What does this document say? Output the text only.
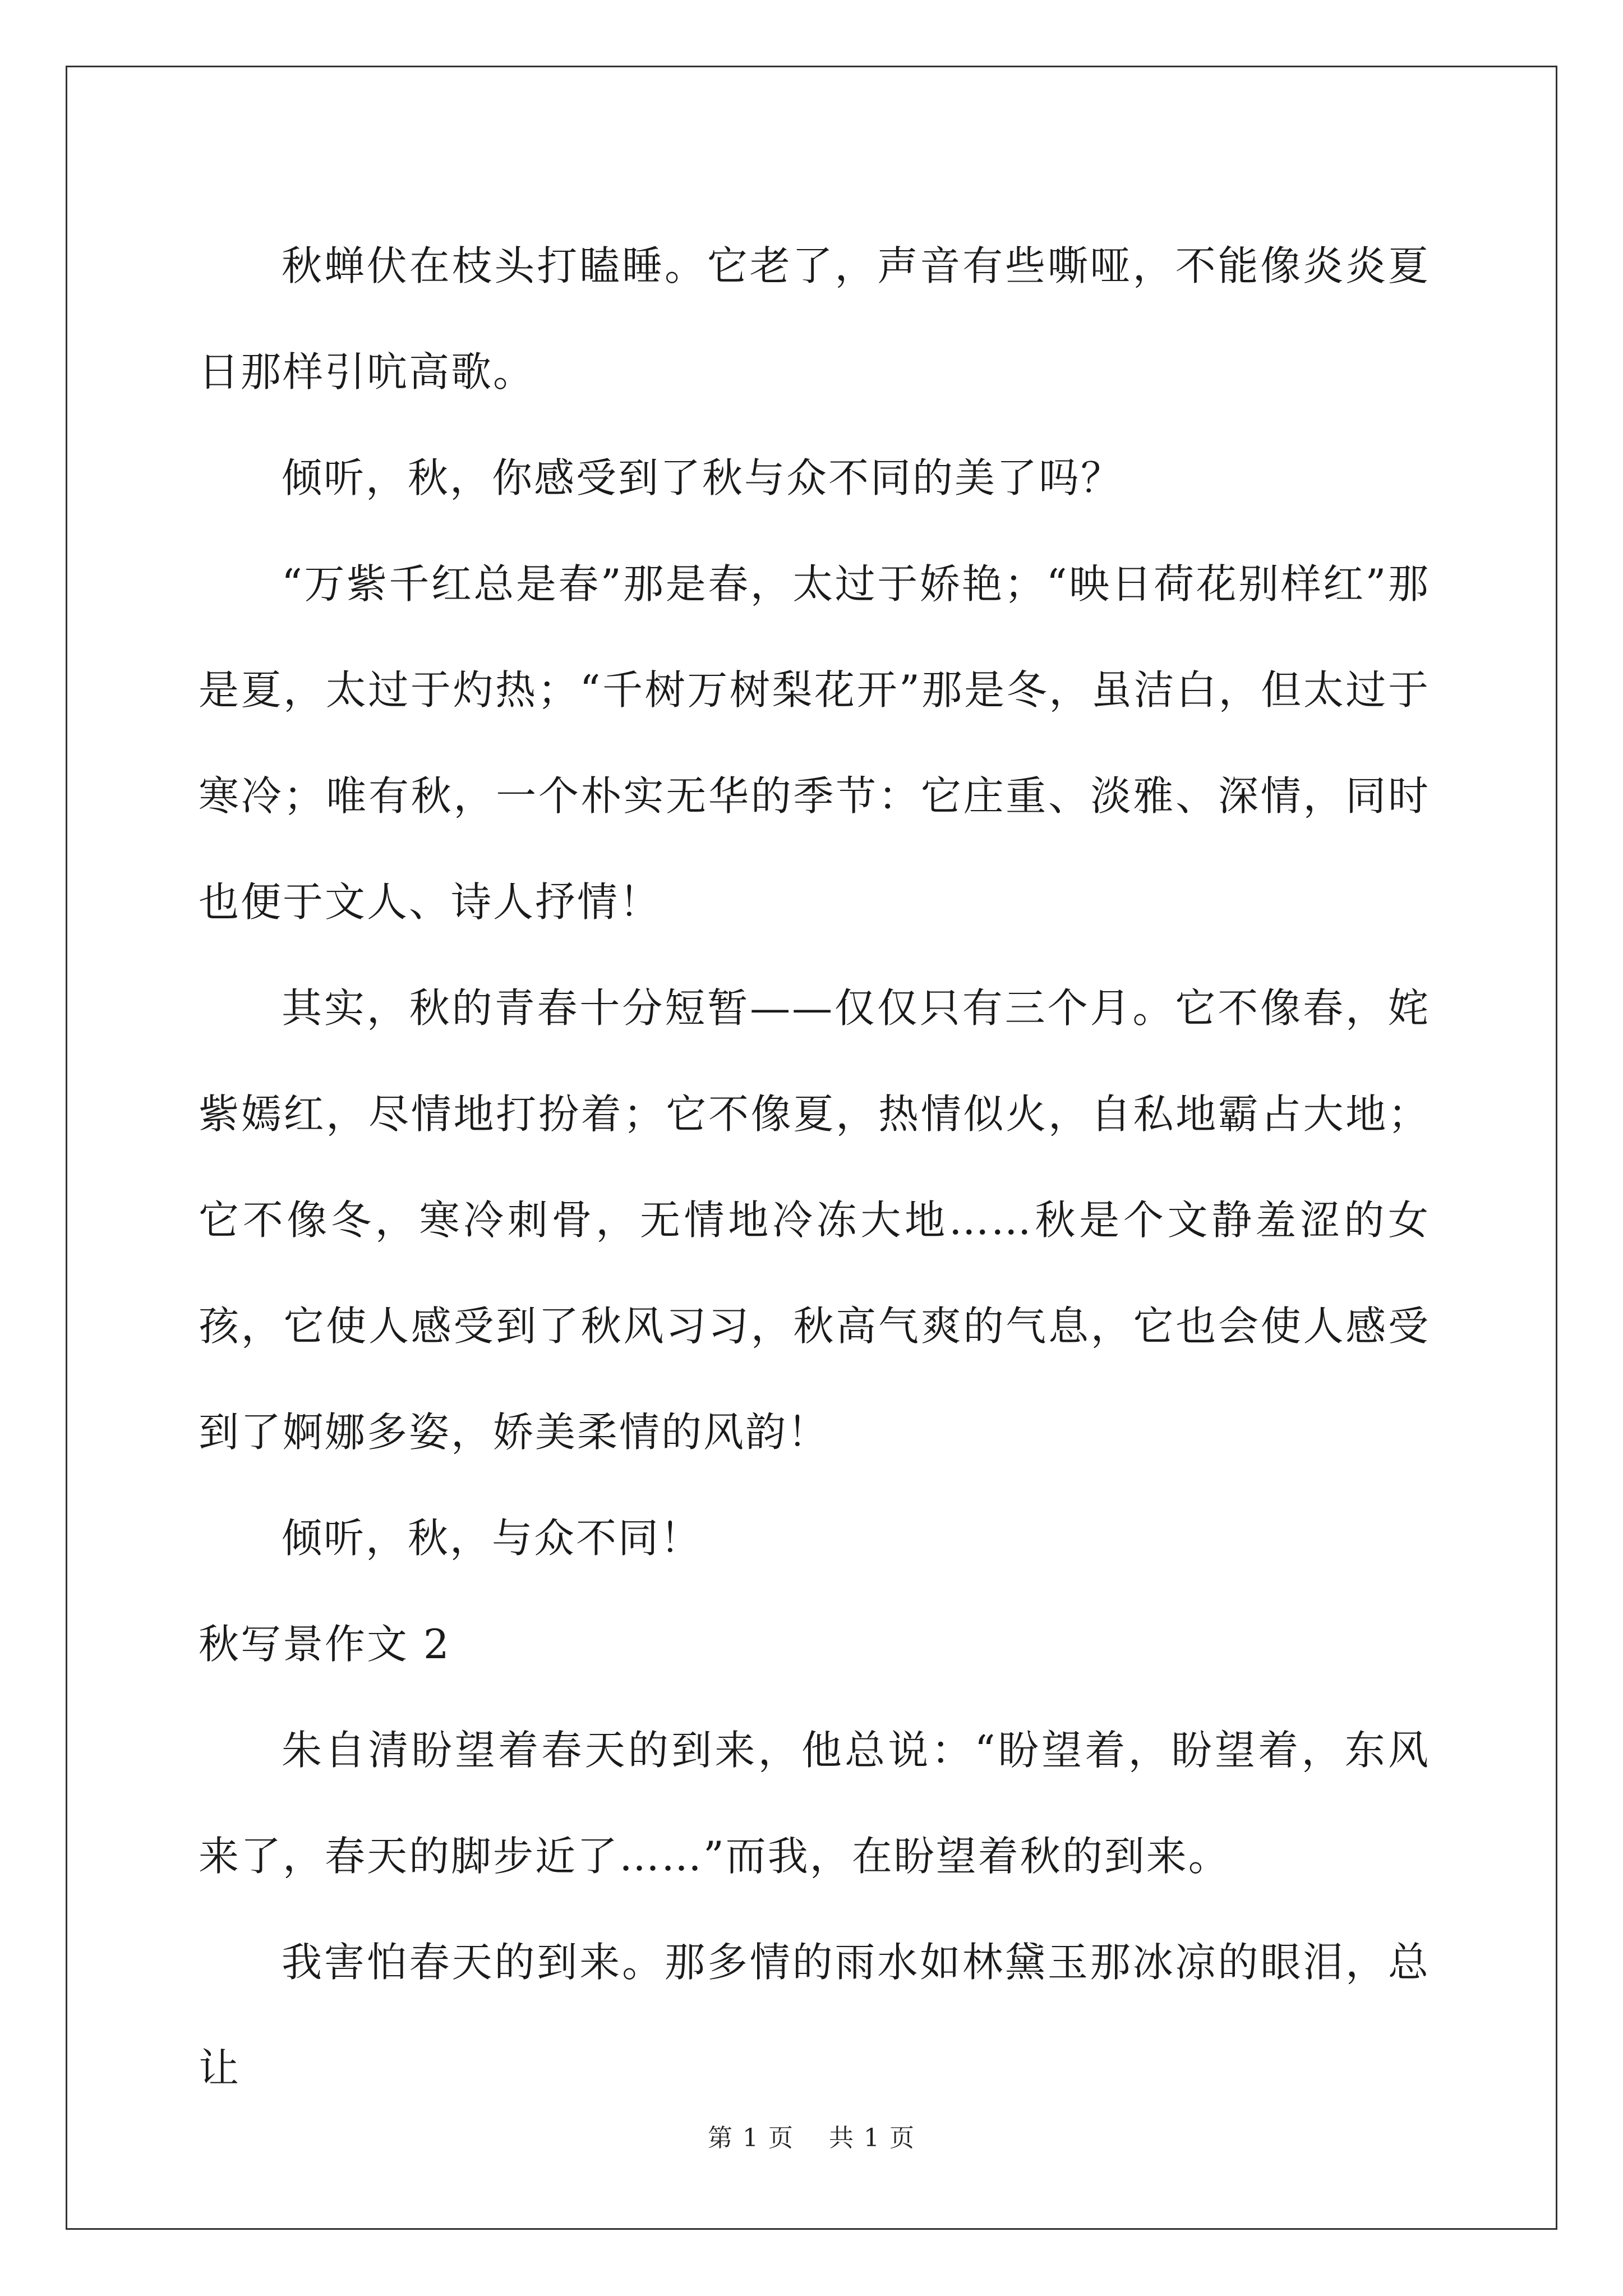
秋蝉伏在枝头打瞌睡。它老了，声音有些嘶哑，不能像炎炎夏日那样引吭高歌。

倾听，秋，你感受到了秋与众不同的美了吗？

“万紫千红总是春”那是春，太过于娇艳；“映日荷花别样红”那是夏，太过于灼热；“千树万树梨花开”那是冬，虽洁白，但太过于寒冷；唯有秋，一个朴实无华的季节：它庄重、淡雅、深情，同时也便于文人、诗人抒情！

其实，秋的青春十分短暂——仅仅只有三个月。它不像春，姹紫嫣红，尽情地打扮着；它不像夏，热情似火，自私地霸占大地；它不像冬，寒冷刺骨，无情地冷冻大地……秋是个文静羞涩的女孩，它使人感受到了秋风习习，秋高气爽的气息，它也会使人感受到了婀娜多姿，娇美柔情的风韵！

倾听，秋，与众不同！

秋写景作文 2

朱自清盼望着春天的到来，他总说：“盼望着，盼望着，东风来了，春天的脚步近了……”而我，在盼望着秋的到来。

我害怕春天的到来。那多情的雨水如林黛玉那冰凉的眼泪，总让

第 1 页 共 1 页
